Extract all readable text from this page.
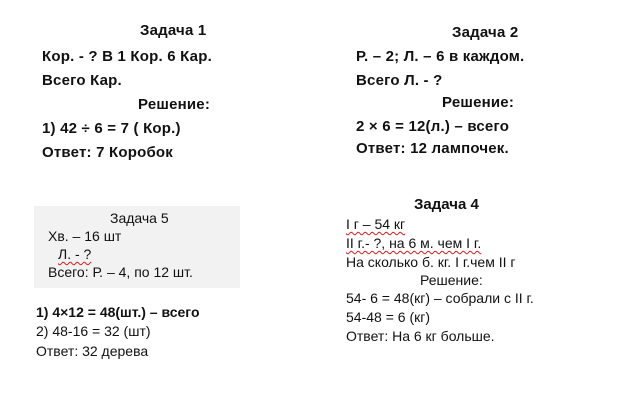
Задача 1
Кор. - ? В 1 Кор. 6 Кар.
Всего Кар.
Решение:
1) 42 ÷ 6 = 7 ( Кор.)
Ответ: 7 Коробок
Задача 2
Р. – 2; Л. – 6 в каждом.
Всего Л. - ?
Решение:
2 × 6 = 12(л.) – всего
Ответ: 12 лампочек.
Задача 5
Хв. – 16 шт
Л. - ?
Всего: Р. – 4, по 12 шт.
1) 4×12 = 48(шт.) – всего
2) 48-16 = 32 (шт)
Ответ: 32 дерева
Задача 4
I г – 54 кг
II г.- ?, на 6 м. чем I г.
На сколько б. кг. I г.чем II г
Решение:
54- 6 = 48(кг) – собрали с II г.
54-48 = 6 (кг)
Ответ: На 6 кг больше.
